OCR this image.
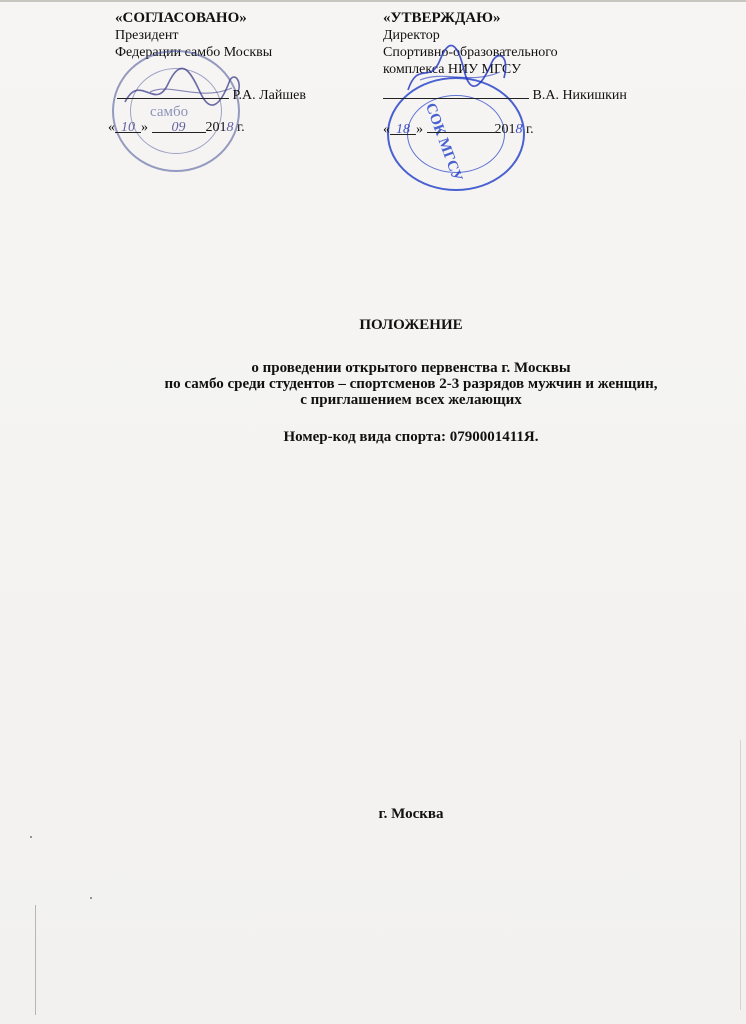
«СОГЛАСОВАНО»
Президент
Федерации самбо Москвы
«УТВЕРЖДАЮ»
Директор
Спортивно-образовательного
комплекса НИУ МГСУ
самбо	СОК МГСУ
Р.А. Лайшев	В.А. Никишкин
« 10 » 09 2018 г.	« 18 »	2018 г.
ПОЛОЖЕНИЕ
о проведении открытого первенства г. Москвы
по самбо среди студентов – спортсменов 2-3 разрядов мужчин и женщин,
с приглашением всех желающих
Номер-код вида спорта: 0790001411Я.
г. Москва
